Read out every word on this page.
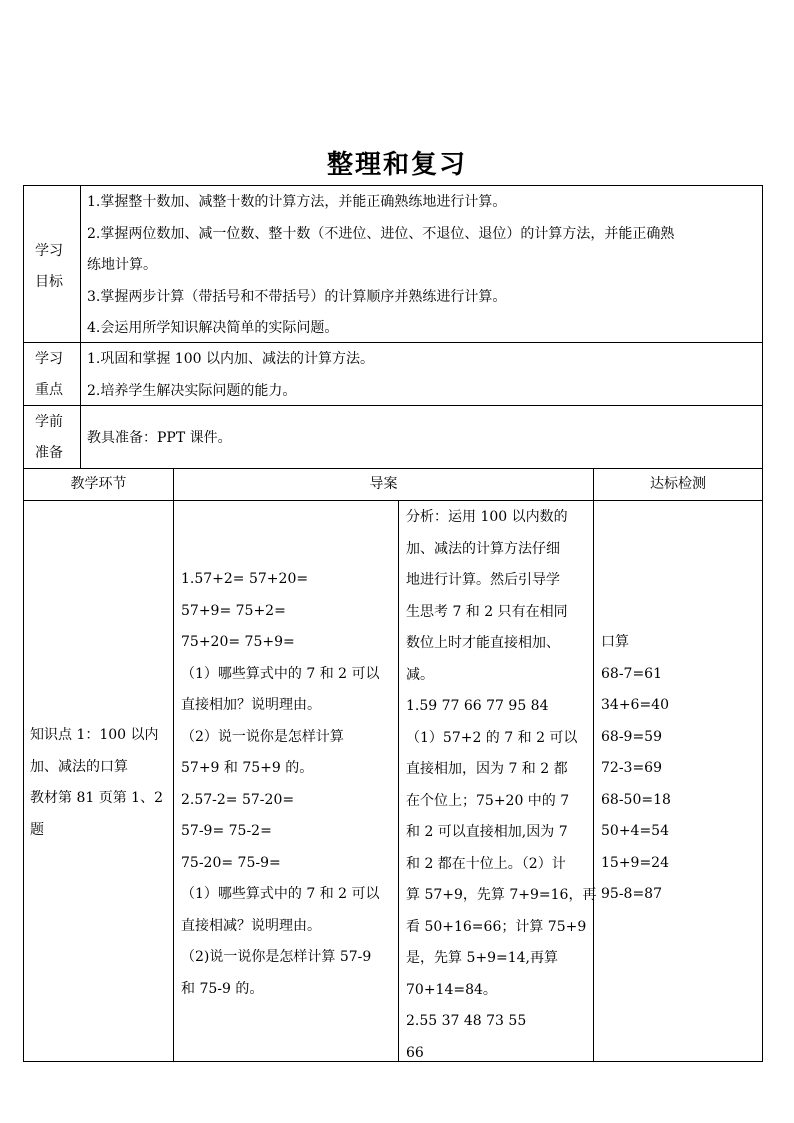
整理和复习
学习
目标
1.掌握整十数加、减整十数的计算方法，并能正确熟练地进行计算。
2.掌握两位数加、减一位数、整十数（不进位、进位、不退位、退位）的计算方法，并能正确熟
练地计算。
3.掌握两步计算（带括号和不带括号）的计算顺序并熟练进行计算。
4.会运用所学知识解决简单的实际问题。
学习
重点
1.巩固和掌握 100 以内加、减法的计算方法。
2.培养学生解决实际问题的能力。
学前
准备
教具准备：PPT 课件。
教学环节	导案	达标检测
知识点 1：100 以内
加、减法的口算
教材第 81 页第 1、2
题
1.57+2= 57+20=
57+9= 75+2=
75+20= 75+9=
（1）哪些算式中的 7 和 2 可以
直接相加？说明理由。
（2）说一说你是怎样计算
57+9 和 75+9 的。
2.57-2= 57-20=
57-9= 75-2=
75-20= 75-9=
（1）哪些算式中的 7 和 2 可以
直接相减？说明理由。
（2)说一说你是怎样计算 57-9
和 75-9 的。
分析：运用 100 以内数的
加、减法的计算方法仔细
地进行计算。然后引导学
生思考 7 和 2 只有在相同
数位上时才能直接相加、
减。
1.59 77 66 77 95 84
（1）57+2 的 7 和 2 可以
直接相加，因为 7 和 2 都
在个位上；75+20 中的 7
和 2 可以直接相加,因为 7
和 2 都在十位上。（2）计
算 57+9，先算 7+9=16，再
看 50+16=66；计算 75+9
是，先算 5+9=14,再算
70+14=84。
2.55 37 48 73 55
66
口算
68-7=61
34+6=40
68-9=59
72-3=69
68-50=18
50+4=54
15+9=24
95-8=87
